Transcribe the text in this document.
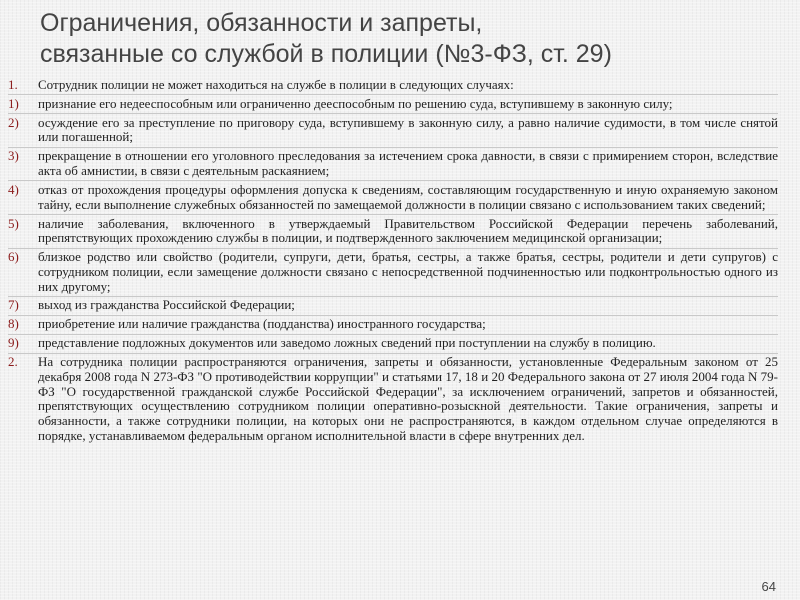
Ограничения, обязанности и запреты,
связанные со службой в полиции (№3-ФЗ, ст. 29)
1.	Сотрудник полиции не может находиться на службе в полиции в следующих случаях:
1)	признание его недееспособным или ограниченно дееспособным по решению суда, вступившему в законную силу;
2)	осуждение его за преступление по приговору суда, вступившему в законную силу, а равно наличие судимости, в том числе снятой или погашенной;
3)	прекращение в отношении его уголовного преследования за истечением срока давности, в связи с примирением сторон, вследствие акта об амнистии, в связи с деятельным раскаянием;
4)	отказ от прохождения процедуры оформления допуска к сведениям, составляющим государственную и иную охраняемую законом тайну, если выполнение служебных обязанностей по замещаемой должности в полиции связано с использованием таких сведений;
5)	наличие заболевания, включенного в утверждаемый Правительством Российской Федерации перечень заболеваний, препятствующих прохождению службы в полиции, и подтвержденного заключением медицинской организации;
6)	близкое родство или свойство (родители, супруги, дети, братья, сестры, а также братья, сестры, родители и дети супругов) с сотрудником полиции, если замещение должности связано с непосредственной подчиненностью или подконтрольностью одного из них другому;
7)	выход из гражданства Российской Федерации;
8)	приобретение или наличие гражданства (подданства) иностранного государства;
9)	представление подложных документов или заведомо ложных сведений при поступлении на службу в полицию.
2.	На сотрудника полиции распространяются ограничения, запреты и обязанности, установленные Федеральным законом от 25 декабря 2008 года N 273-ФЗ "О противодействии коррупции" и статьями 17, 18 и 20 Федерального закона от 27 июля 2004 года N 79-ФЗ "О государственной гражданской службе Российской Федерации", за исключением ограничений, запретов и обязанностей, препятствующих осуществлению сотрудником полиции оперативно-розыскной деятельности. Такие ограничения, запреты и обязанности, а также сотрудники полиции, на которых они не распространяются, в каждом отдельном случае определяются в порядке, устанавливаемом федеральным органом исполнительной власти в сфере внутренних дел.
64
